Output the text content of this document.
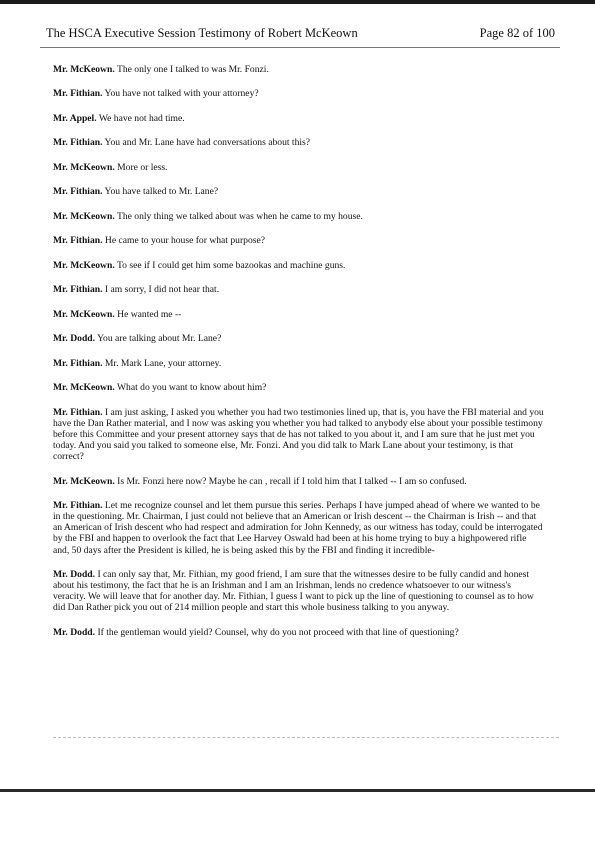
The HSCA Executive Session Testimony of Robert McKeown	Page 82 of 100

Mr. McKeown. The only one I talked to was Mr. Fonzi.

Mr. Fithian. You have not talked with your attorney?

Mr. Appel. We have not had time.

Mr. Fithian. You and Mr. Lane have had conversations about this?

Mr. McKeown. More or less.

Mr. Fithian. You have talked to Mr. Lane?

Mr. McKeown. The only thing we talked about was when he came to my house.

Mr. Fithian. He came to your house for what purpose?

Mr. McKeown. To see if I could get him some bazookas and machine guns.

Mr. Fithian. I am sorry, I did not hear that.

Mr. McKeown. He wanted me --

Mr. Dodd. You are talking about Mr. Lane?

Mr. Fithian. Mr. Mark Lane, your attorney.

Mr. McKeown. What do you want to know about him?

Mr. Fithian. I am just asking, I asked you whether you had two testimonies lined up, that is, you have the FBI material and you have the Dan Rather material, and I now was asking you whether you had talked to anybody else about your possible testimony before this Committee and your present attorney says that de has not talked to you about it, and I am sure that he just met you today. And you said you talked to someone else, Mr. Fonzi. And you did talk to Mark Lane about your testimony, is that correct?

Mr. McKeown. Is Mr. Fonzi here now? Maybe he can , recall if I told him that I talked -- I am so confused.

Mr. Fithian. Let me recognize counsel and let them pursue this series. Perhaps I have jumped ahead of where we wanted to be in the questioning. Mr. Chairman, I just could not believe that an American or Irish descent -- the Chairman is Irish -- and that an American of Irish descent who had respect and admiration for John Kennedy, as our witness has today, could be interrogated by the FBI and happen to overlook the fact that Lee Harvey Oswald had been at his home trying to buy a highpowered rifle and, 50 days after the President is killed, he is being asked this by the FBI and finding it incredible-

Mr. Dodd. I can only say that, Mr. Fithian, my good friend, I am sure that the witnesses desire to be fully candid and honest about his testimony, the fact that he is an Irishman and I am an Irishman, lends no credence whatsoever to our witness's veracity. We will leave that for another day. Mr. Fithian, I guess I want to pick up the line of questioning to counsel as to how did Dan Rather pick you out of 214 million people and start this whole business talking to you anyway.

Mr. Dodd. If the gentleman would yield? Counsel, why do you not proceed with that line of questioning?
